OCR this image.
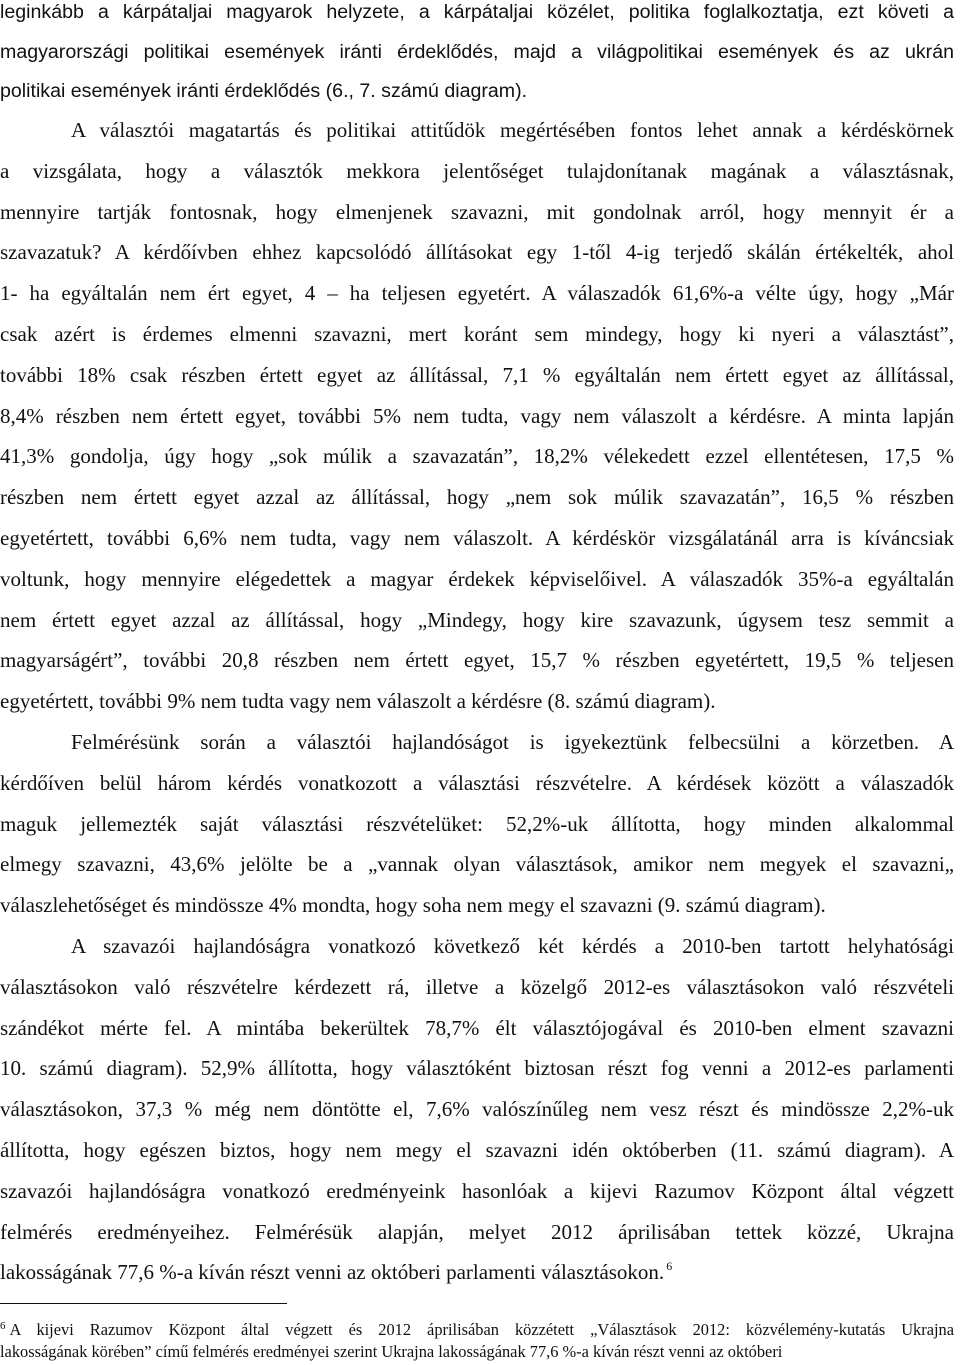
leginkább a kárpátaljai magyarok helyzete, a kárpátaljai közélet, politika foglalkoztatja, ezt követi a
magyarországi politikai események iránti érdeklődés, majd a világpolitikai események és az ukrán
politikai események iránti érdeklődés (6., 7. számú diagram).
A választói magatartás és politikai attitűdök megértésében fontos lehet annak a kérdéskörnek
a vizsgálata, hogy a választók mekkora jelentőséget tulajdonítanak magának a választásnak,
mennyire tartják fontosnak, hogy elmenjenek szavazni, mit gondolnak arról, hogy mennyit ér a
szavazatuk? A kérdőívben ehhez kapcsolódó állításokat egy 1-től 4-ig terjedő skálán értékelték, ahol
1- ha egyáltalán nem ért egyet, 4 – ha teljesen egyetért. A válaszadók 61,6%-a vélte úgy, hogy „Már
csak azért is érdemes elmenni szavazni, mert koránt sem mindegy, hogy ki nyeri a választást”,
további 18% csak részben értett egyet az állítással, 7,1 % egyáltalán nem értett egyet az állítással,
8,4% részben nem értett egyet, további 5% nem tudta, vagy nem válaszolt a kérdésre. A minta lapján
41,3% gondolja, úgy hogy „sok múlik a szavazatán”, 18,2% vélekedett ezzel ellentétesen, 17,5 %
részben nem értett egyet azzal az állítással, hogy „nem sok múlik szavazatán”, 16,5 % részben
egyetértett, további 6,6% nem tudta, vagy nem válaszolt. A kérdéskör vizsgálatánál arra is kíváncsiak
voltunk, hogy mennyire elégedettek a magyar érdekek képviselőivel. A válaszadók 35%-a egyáltalán
nem értett egyet azzal az állítással, hogy „Mindegy, hogy kire szavazunk, úgysem tesz semmit a
magyarságért”, további 20,8 részben nem értett egyet, 15,7 % részben egyetértett, 19,5 % teljesen
egyetértett, további 9% nem tudta vagy nem válaszolt a kérdésre (8. számú diagram).
Felmérésünk során a választói hajlandóságot is igyekeztünk felbecsülni a körzetben. A
kérdőíven belül három kérdés vonatkozott a választási részvételre. A kérdések között a válaszadók
maguk jellemezték saját választási részvételüket: 52,2%-uk állította, hogy minden alkalommal
elmegy szavazni, 43,6% jelölte be a „vannak olyan választások, amikor nem megyek el szavazni„
válaszlehetőséget és mindössze 4% mondta, hogy soha nem megy el szavazni (9. számú diagram).
A szavazói hajlandóságra vonatkozó következő két kérdés a 2010-ben tartott helyhatósági
választásokon való részvételre kérdezett rá, illetve a közelgő 2012-es választásokon való részvételi
szándékot mérte fel. A mintába bekerültek 78,7% élt választójogával és 2010-ben elment szavazni
10. számú diagram). 52,9% állította, hogy választóként biztosan részt fog venni a 2012-es parlamenti
választásokon, 37,3 % még nem döntötte el, 7,6% valószínűleg nem vesz részt és mindössze 2,2%-uk
állította, hogy egészen biztos, hogy nem megy el szavazni idén októberben (11. számú diagram). A
szavazói hajlandóságra vonatkozó eredményeink hasonlóak a kijevi Razumov Központ által végzett
felmérés eredményeihez. Felmérésük alapján, melyet 2012 áprilisában tettek közzé, Ukrajna
lakosságának 77,6 %-a kíván részt venni az októberi parlamenti választásokon. $^6$
$^6$ A kijevi Razumov Központ által végzett és 2012 áprilisában közzétett „Választások 2012: közvélemény-kutatás Ukrajna
lakosságának körében” című felmérés eredményei szerint Ukrajna lakosságának 77,6 %-a kíván részt venni az októberi
